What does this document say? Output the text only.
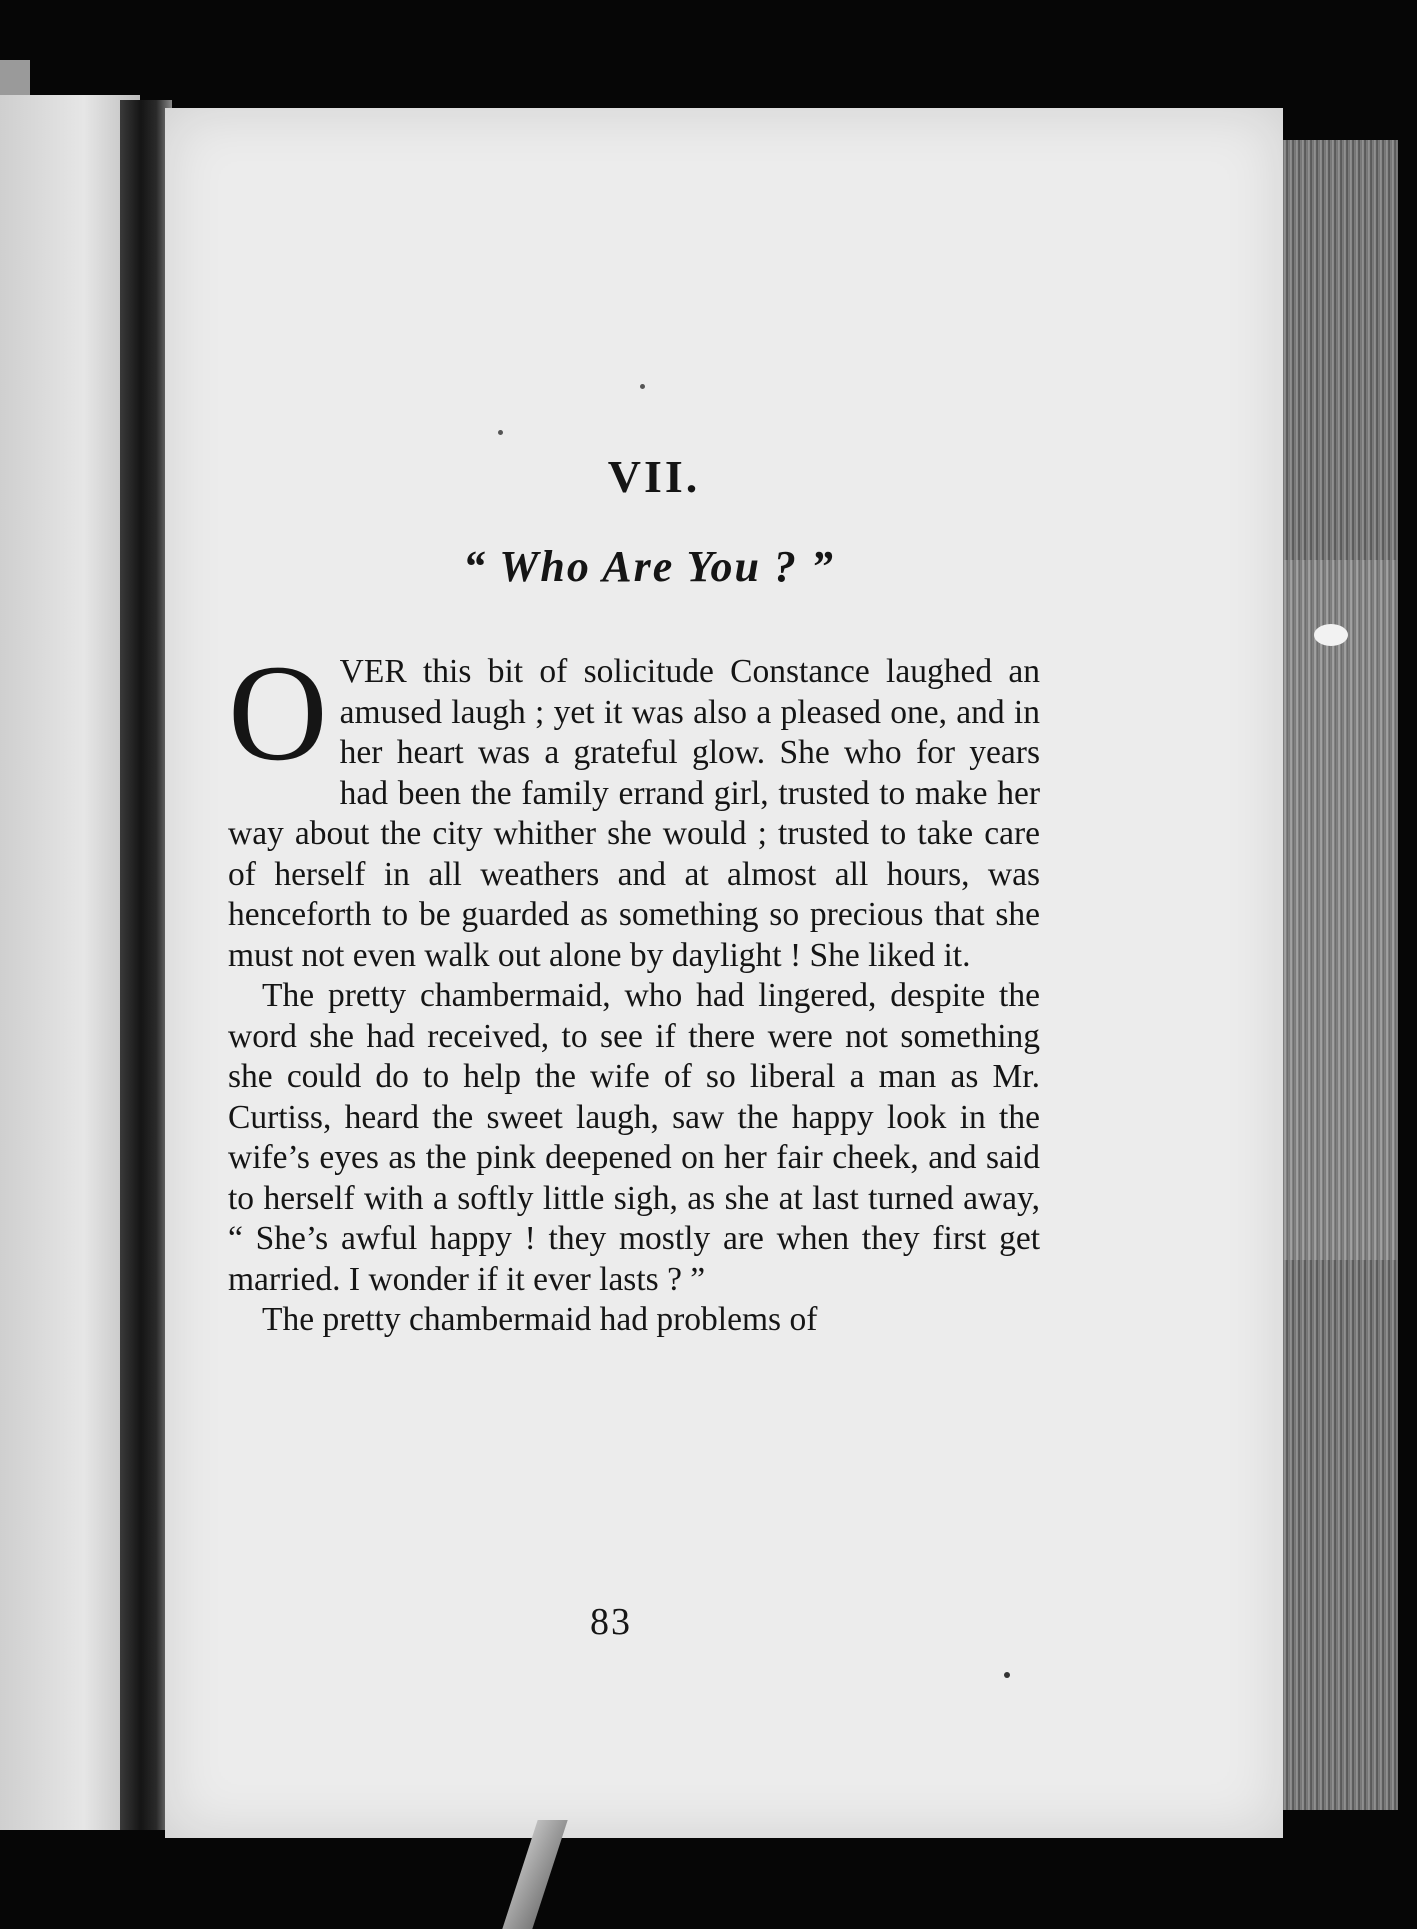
VII.
“ Who Are You ? ”

O VER this bit of solicitude Constance laughed an amused laugh ; yet it was also a pleased one, and in her heart was a grateful glow. She who for years had been the family errand girl, trusted to make her way about the city whither she would ; trusted to take care of herself in all weathers and at almost all hours, was henceforth to be guarded as something so precious that she must not even walk out alone by daylight ! She liked it.

The pretty chambermaid, who had lingered, despite the word she had received, to see if there were not something she could do to help the wife of so liberal a man as Mr. Curtiss, heard the sweet laugh, saw the happy look in the wife’s eyes as the pink deepened on her fair cheek, and said to herself with a softly little sigh, as she at last turned away, “ She’s awful happy ! they mostly are when they first get married. I wonder if it ever lasts ? ”

The pretty chambermaid had problems of

83
